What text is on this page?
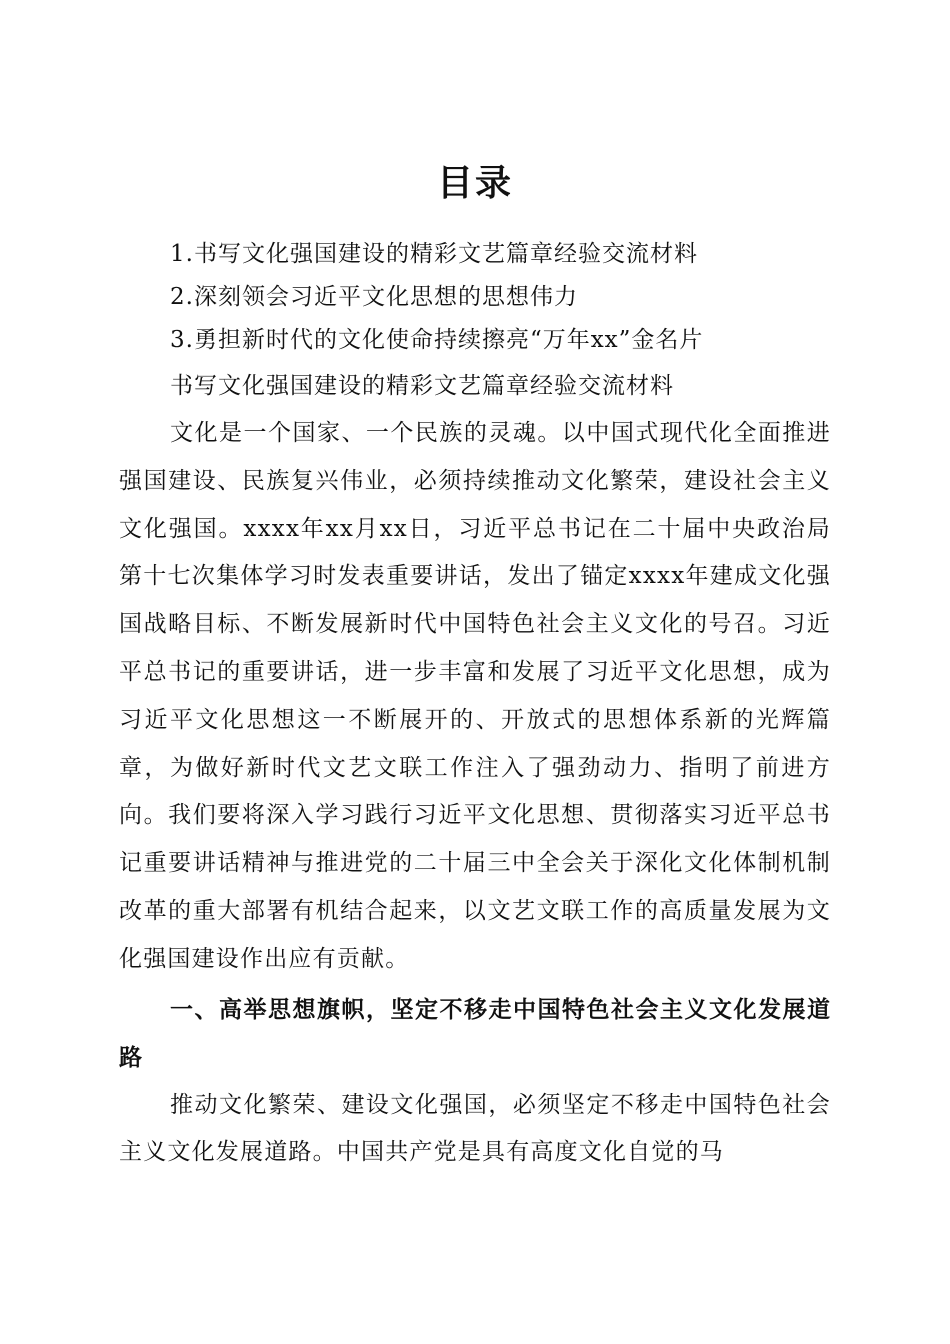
目录
1.书写文化强国建设的精彩文艺篇章经验交流材料
2.深刻领会习近平文化思想的思想伟力
3.勇担新时代的文化使命持续擦亮“万年xx”金名片
书写文化强国建设的精彩文艺篇章经验交流材料

文化是一个国家、一个民族的灵魂。以中国式现代化全面推进强国建设、民族复兴伟业，必须持续推动文化繁荣，建设社会主义文化强国。xxxx年xx月xx日，习近平总书记在二十届中央政治局第十七次集体学习时发表重要讲话，发出了锚定xxxx年建成文化强国战略目标、不断发展新时代中国特色社会主义文化的号召。习近平总书记的重要讲话，进一步丰富和发展了习近平文化思想，成为习近平文化思想这一不断展开的、开放式的思想体系新的光辉篇章，为做好新时代文艺文联工作注入了强劲动力、指明了前进方向。我们要将深入学习践行习近平文化思想、贯彻落实习近平总书记重要讲话精神与推进党的二十届三中全会关于深化文化体制机制改革的重大部署有机结合起来，以文艺文联工作的高质量发展为文化强国建设作出应有贡献。

一、高举思想旗帜，坚定不移走中国特色社会主义文化发展道路

推动文化繁荣、建设文化强国，必须坚定不移走中国特色社会主义文化发展道路。中国共产党是具有高度文化自觉的马
